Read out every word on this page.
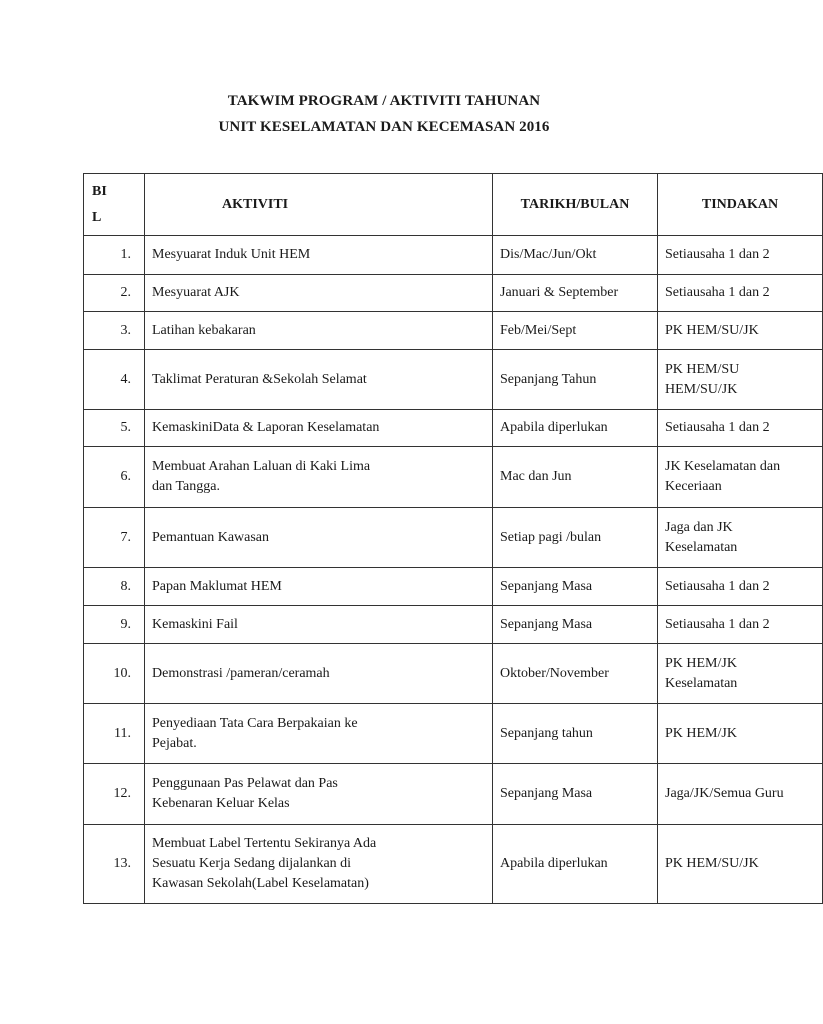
TAKWIM PROGRAM / AKTIVITI TAHUNAN
UNIT KESELAMATAN DAN KECEMASAN 2016
BI
L	AKTIVITI	TARIKH/BULAN	TINDAKAN
1.	Mesyuarat Induk Unit HEM	Dis/Mac/Jun/Okt	Setiausaha 1 dan 2
2.	Mesyuarat AJK	Januari & September	Setiausaha 1 dan 2
3.	Latihan kebakaran	Feb/Mei/Sept	PK HEM/SU/JK
4.	Taklimat Peraturan &Sekolah Selamat	Sepanjang Tahun	PK HEM/SU
HEM/SU/JK
5.	KemaskiniData & Laporan Keselamatan	Apabila diperlukan	Setiausaha 1 dan 2
6.	Membuat Arahan Laluan di Kaki Lima
dan Tangga.	Mac dan Jun	JK Keselamatan dan
Keceriaan
7.	Pemantuan Kawasan	Setiap pagi /bulan	Jaga dan JK
Keselamatan
8.	Papan Maklumat HEM	Sepanjang Masa	Setiausaha 1 dan 2
9.	Kemaskini Fail	Sepanjang Masa	Setiausaha 1 dan 2
10.	Demonstrasi /pameran/ceramah	Oktober/November	PK HEM/JK
Keselamatan
11.	Penyediaan Tata Cara Berpakaian ke
Pejabat.	Sepanjang tahun	PK HEM/JK
12.	Penggunaan Pas Pelawat dan Pas
Kebenaran Keluar Kelas	Sepanjang Masa	Jaga/JK/Semua Guru
13.	Membuat Label Tertentu Sekiranya Ada
Sesuatu Kerja Sedang dijalankan di
Kawasan Sekolah(Label Keselamatan)	Apabila diperlukan	PK HEM/SU/JK
